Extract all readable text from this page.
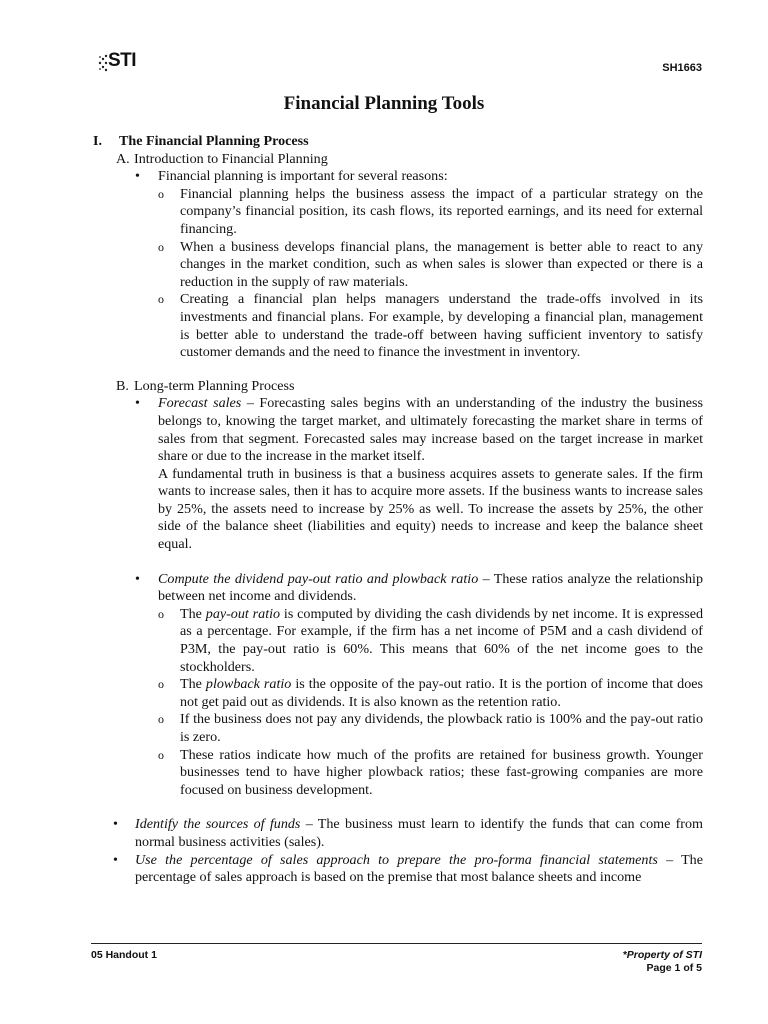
STI	SH1663
Financial Planning Tools
I. The Financial Planning Process
A. Introduction to Financial Planning
• Financial planning is important for several reasons:
o Financial planning helps the business assess the impact of a particular strategy on the company’s financial position, its cash flows, its reported earnings, and its need for external financing.
o When a business develops financial plans, the management is better able to react to any changes in the market condition, such as when sales is slower than expected or there is a reduction in the supply of raw materials.
o Creating a financial plan helps managers understand the trade-offs involved in its investments and financial plans. For example, by developing a financial plan, management is better able to understand the trade-off between having sufficient inventory to satisfy customer demands and the need to finance the investment in inventory.
B. Long-term Planning Process
• Forecast sales – Forecasting sales begins with an understanding of the industry the business belongs to, knowing the target market, and ultimately forecasting the market share in terms of sales from that segment. Forecasted sales may increase based on the target increase in market share or due to the increase in the market itself.
A fundamental truth in business is that a business acquires assets to generate sales. If the firm wants to increase sales, then it has to acquire more assets. If the business wants to increase sales by 25%, the assets need to increase by 25% as well. To increase the assets by 25%, the other side of the balance sheet (liabilities and equity) needs to increase and keep the balance sheet equal.
• Compute the dividend pay-out ratio and plowback ratio – These ratios analyze the relationship between net income and dividends.
o The pay-out ratio is computed by dividing the cash dividends by net income. It is expressed as a percentage. For example, if the firm has a net income of P5M and a cash dividend of P3M, the pay-out ratio is 60%. This means that 60% of the net income goes to the stockholders.
o The plowback ratio is the opposite of the pay-out ratio. It is the portion of income that does not get paid out as dividends. It is also known as the retention ratio.
o If the business does not pay any dividends, the plowback ratio is 100% and the pay-out ratio is zero.
o These ratios indicate how much of the profits are retained for business growth. Younger businesses tend to have higher plowback ratios; these fast-growing companies are more focused on business development.
• Identify the sources of funds – The business must learn to identify the funds that can come from normal business activities (sales).
• Use the percentage of sales approach to prepare the pro-forma financial statements – The percentage of sales approach is based on the premise that most balance sheets and income
05 Handout 1	*Property of STI
Page 1 of 5
